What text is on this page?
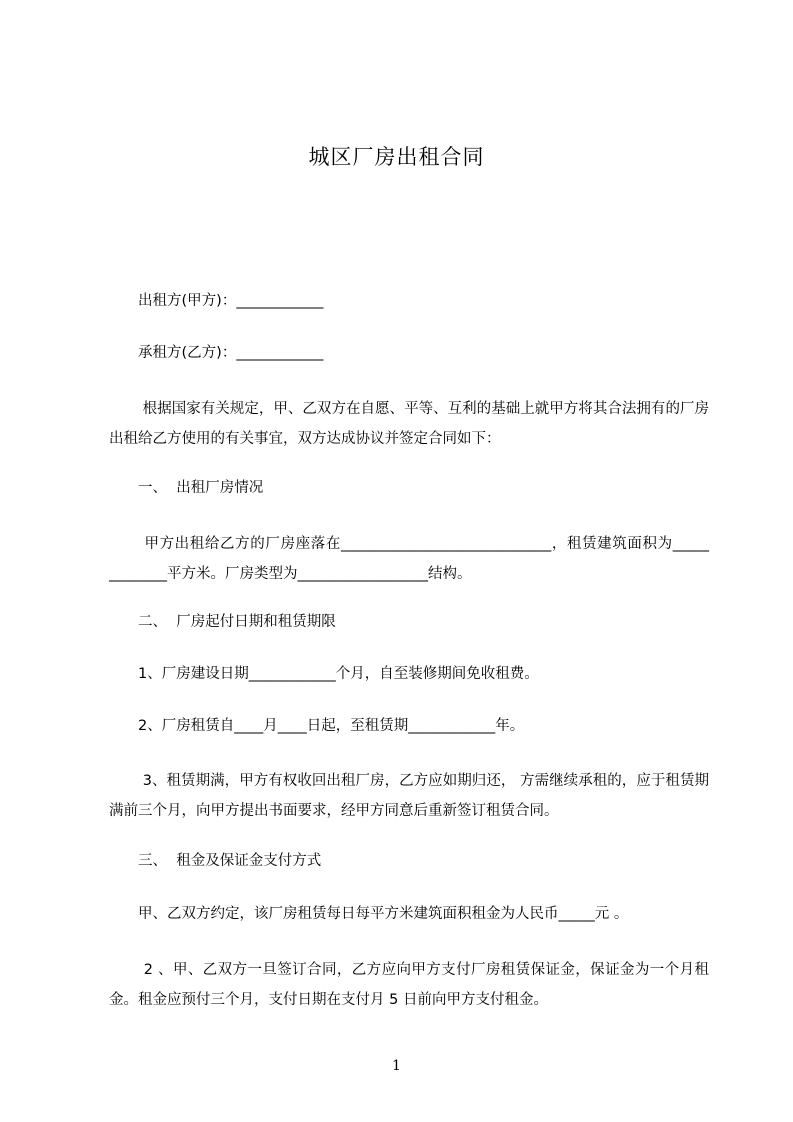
城区厂房出租合同
　　出租方(甲方)：____________
　　承租方(乙方)：____________
　　 根据国家有关规定，甲、乙双方在自愿、平等、互利的基础上就甲方将其合法拥有的厂房出租给乙方使用的有关事宜，双方达成协议并签定合同如下：
　　一、  出租厂房情况
　　 甲方出租给乙方的厂房座落在_____________________________，租赁建筑面积为_____ ________平方米。厂房类型为__________________结构。
　　二、  厂房起付日期和租赁期限
　　1、厂房建设日期____________个月，自至装修期间免收租费。
　　2、厂房租赁自____月____日起，至租赁期____________年。
　　 3、租赁期满，甲方有权收回出租厂房，乙方应如期归还， 方需继续承租的，应于租赁期满前三个月，向甲方提出书面要求，经甲方同意后重新签订租赁合同。
　　三、  租金及保证金支付方式
　　甲、乙双方约定，该厂房租赁每日每平方米建筑面积租金为人民币_____元 。
　　 2 、甲、乙双方一旦签订合同，乙方应向甲方支付厂房租赁保证金，保证金为一个月租金。租金应预付三个月，支付日期在支付月 5 日前向甲方支付租金。
1
